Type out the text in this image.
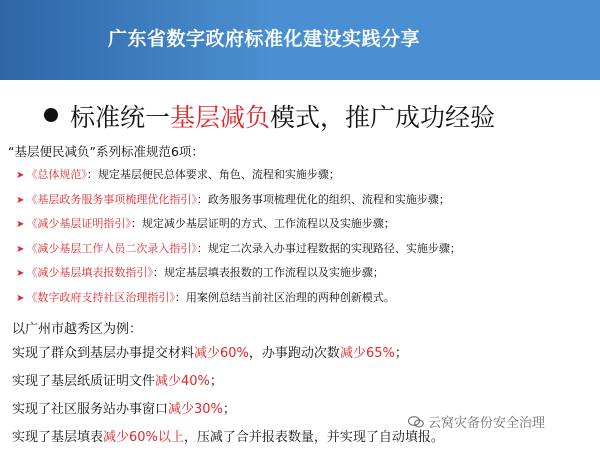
广东省数字政府标准化建设实践分享
标准统一基层减负模式，推广成功经验
“基层便民减负”系列标准规范6项：
➤ 《总体规范》：规定基层便民总体要求、角色、流程和实施步骤；
➤ 《基层政务服务事项梳理优化指引》：政务服务事项梳理优化的组织、流程和实施步骤；
➤ 《减少基层证明指引》：规定减少基层证明的方式、工作流程以及实施步骤；
➤ 《减少基层工作人员二次录入指引》：规定二次录入办事过程数据的实现路径、实施步骤；
➤ 《减少基层填表报数指引》：规定基层填表报数的工作流程以及实施步骤；
➤ 《数字政府支持社区治理指引》：用案例总结当前社区治理的两种创新模式。
以广州市越秀区为例：
实现了群众到基层办事提交材料减少60%，办事跑动次数减少65%；
实现了基层纸质证明文件减少40%；
实现了社区服务站办事窗口减少30%；
实现了基层填表减少60%以上，压减了合并报表数量，并实现了自动填报。
云窝灾备份安全治理
